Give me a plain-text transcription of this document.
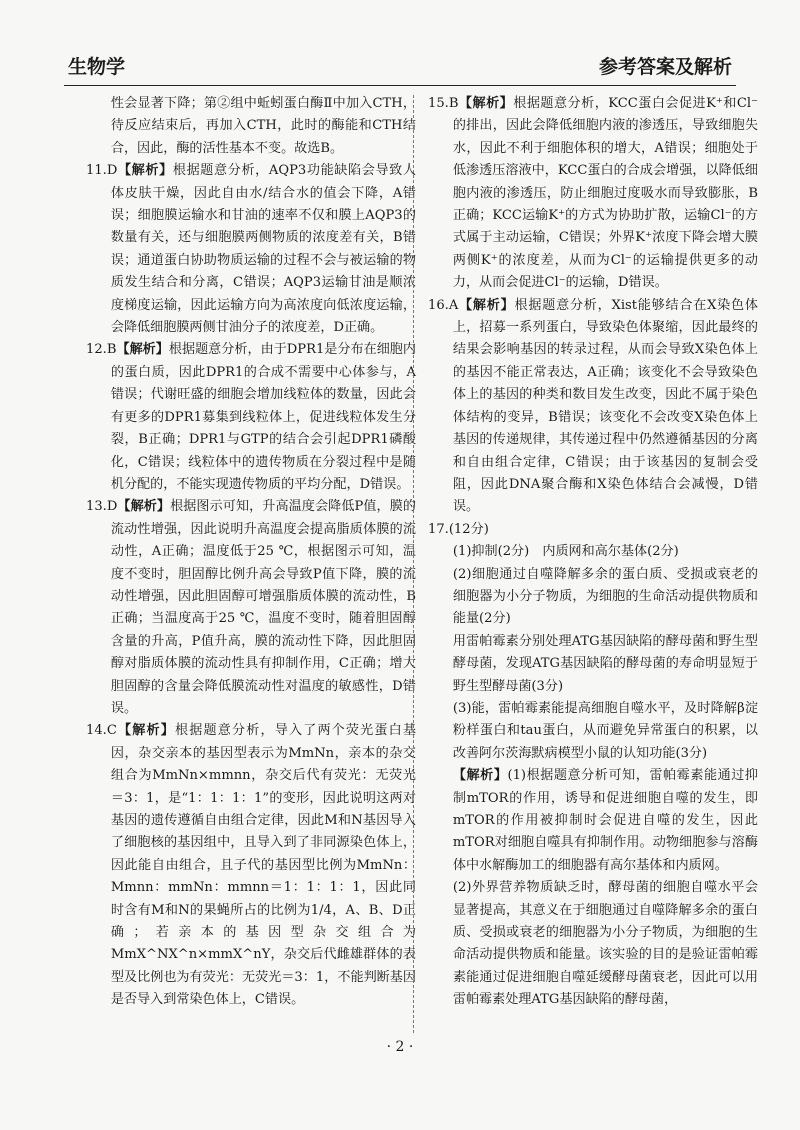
生物学	参考答案及解析

性会显著下降；第②组中蚯蚓蛋白酶Ⅱ中加入CTH，待反应结束后，再加入CTH，此时的酶能和CTH结合，因此，酶的活性基本不变。故选B。

11.D【解析】根据题意分析，AQP3功能缺陷会导致人体皮肤干燥，因此自由水/结合水的值会下降，A错误；细胞膜运输水和甘油的速率不仅和膜上AQP3的数量有关，还与细胞膜两侧物质的浓度差有关，B错误；通道蛋白协助物质运输的过程不会与被运输的物质发生结合和分离，C错误；AQP3运输甘油是顺浓度梯度运输，因此运输方向为高浓度向低浓度运输，会降低细胞膜两侧甘油分子的浓度差，D正确。

12.B【解析】根据题意分析，由于DPR1是分布在细胞内的蛋白质，因此DPR1的合成不需要中心体参与，A错误；代谢旺盛的细胞会增加线粒体的数量，因此会有更多的DPR1募集到线粒体上，促进线粒体发生分裂，B正确；DPR1与GTP的结合会引起DPR1磷酸化，C错误；线粒体中的遗传物质在分裂过程中是随机分配的，不能实现遗传物质的平均分配，D错误。

13.D【解析】根据图示可知，升高温度会降低P值，膜的流动性增强，因此说明升高温度会提高脂质体膜的流动性，A正确；温度低于25 ℃，根据图示可知，温度不变时，胆固醇比例升高会导致P值下降，膜的流动性增强，因此胆固醇可增强脂质体膜的流动性，B正确；当温度高于25 ℃，温度不变时，随着胆固醇含量的升高，P值升高，膜的流动性下降，因此胆固醇对脂质体膜的流动性具有抑制作用，C正确；增大胆固醇的含量会降低膜流动性对温度的敏感性，D错误。

14.C【解析】根据题意分析，导入了两个荧光蛋白基因，杂交亲本的基因型表示为MmNn，亲本的杂交组合为MmNn×mmnn，杂交后代有荧光：无荧光＝3：1，是“1：1：1：1”的变形，因此说明这两对基因的遗传遵循自由组合定律，因此M和N基因导入了细胞核的基因组中，且导入到了非同源染色体上，因此能自由组合，且子代的基因型比例为MmNn：Mmnn：mmNn：mmnn＝1：1：1：1，因此同时含有M和N的果蝇所占的比例为1/4，A、B、D正确；若亲本的基因型杂交组合为MmX^NX^n×mmX^nY，杂交后代雌雄群体的表型及比例也为有荧光：无荧光＝3：1，不能判断基因是否导入到常染色体上，C错误。

15.B【解析】根据题意分析，KCC蛋白会促进K⁺和Cl⁻的排出，因此会降低细胞内液的渗透压，导致细胞失水，因此不利于细胞体积的增大，A错误；细胞处于低渗透压溶液中，KCC蛋白的合成会增强，以降低细胞内液的渗透压，防止细胞过度吸水而导致膨胀，B正确；KCC运输K⁺的方式为协助扩散，运输Cl⁻的方式属于主动运输，C错误；外界K⁺浓度下降会增大膜两侧K⁺的浓度差，从而为Cl⁻的运输提供更多的动力，从而会促进Cl⁻的运输，D错误。

16.A【解析】根据题意分析，Xist能够结合在X染色体上，招募一系列蛋白，导致染色体聚缩，因此最终的结果会影响基因的转录过程，从而会导致X染色体上的基因不能正常表达，A正确；该变化不会导致染色体上的基因的种类和数目发生改变，因此不属于染色体结构的变异，B错误；该变化不会改变X染色体上基因的传递规律，其传递过程中仍然遵循基因的分离和自由组合定律，C错误；由于该基因的复制会受阻，因此DNA聚合酶和X染色体结合会减慢，D错误。

17.(12分)

(1)抑制(2分)　内质网和高尔基体(2分)

(2)细胞通过自噬降解多余的蛋白质、受损或衰老的细胞器为小分子物质，为细胞的生命活动提供物质和能量(2分)

用雷帕霉素分别处理ATG基因缺陷的酵母菌和野生型酵母菌，发现ATG基因缺陷的酵母菌的寿命明显短于野生型酵母菌(3分)

(3)能，雷帕霉素能提高细胞自噬水平，及时降解β淀粉样蛋白和tau蛋白，从而避免异常蛋白的积累，以改善阿尔茨海默病模型小鼠的认知功能(3分)

【解析】(1)根据题意分析可知，雷帕霉素能通过抑制mTOR的作用，诱导和促进细胞自噬的发生，即mTOR的作用被抑制时会促进自噬的发生，因此mTOR对细胞自噬具有抑制作用。动物细胞参与溶酶体中水解酶加工的细胞器有高尔基体和内质网。

(2)外界营养物质缺乏时，酵母菌的细胞自噬水平会显著提高，其意义在于细胞通过自噬降解多余的蛋白质、受损或衰老的细胞器为小分子物质，为细胞的生命活动提供物质和能量。该实验的目的是验证雷帕霉素能通过促进细胞自噬延缓酵母菌衰老，因此可以用雷帕霉素处理ATG基因缺陷的酵母菌，

· 2 ·
